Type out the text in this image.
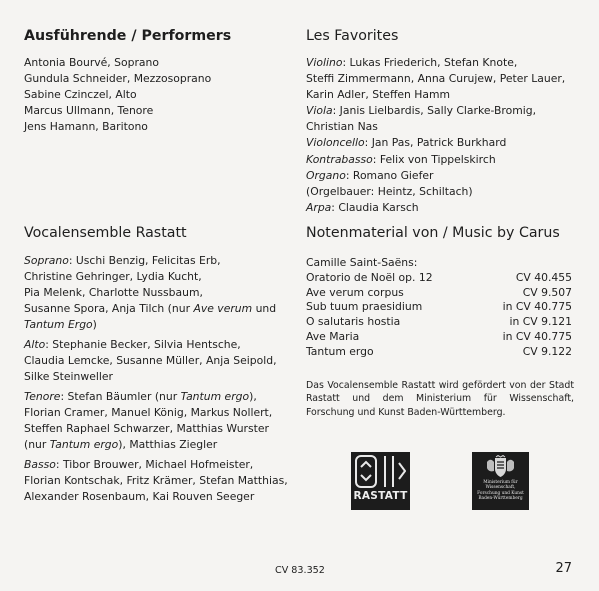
Ausführende / Performers
Antonia Bourvé, Soprano
Gundula Schneider, Mezzosoprano
Sabine Czinczel, Alto
Marcus Ullmann, Tenore
Jens Hamann, Baritono
Vocalensemble Rastatt
Soprano: Uschi Benzig, Felicitas Erb,
Christine Gehringer, Lydia Kucht,
Pia Melenk, Charlotte Nussbaum,
Susanne Spora, Anja Tilch (nur Ave verum und
Tantum Ergo)
Alto: Stephanie Becker, Silvia Hentsche,
Claudia Lemcke, Susanne Müller, Anja Seipold,
Silke Steinweller
Tenore: Stefan Bäumler (nur Tantum ergo),
Florian Cramer, Manuel König, Markus Nollert,
Steffen Raphael Schwarzer, Matthias Wurster
(nur Tantum ergo), Matthias Ziegler
Basso: Tibor Brouwer, Michael Hofmeister,
Florian Kontschak, Fritz Krämer, Stefan Matthias,
Alexander Rosenbaum, Kai Rouven Seeger
Les Favorites
Violino: Lukas Friederich, Stefan Knote,
Steffi Zimmermann, Anna Curujew, Peter Lauer,
Karin Adler, Steffen Hamm
Viola: Janis Lielbardis, Sally Clarke-Bromig,
Christian Nas
Violoncello: Jan Pas, Patrick Burkhard
Kontrabasso: Felix von Tippelskirch
Organo: Romano Giefer
(Orgelbauer: Heintz, Schiltach)
Arpa: Claudia Karsch
Notenmaterial von / Music by Carus
Camille Saint-Saëns:
Oratorio de Noël op. 12	CV 40.455
Ave verum corpus	CV 9.507
Sub tuum praesidium	in CV 40.775
O salutaris hostia	in CV 9.121
Ave Maria	in CV 40.775
Tantum ergo	CV 9.122
Das Vocalensemble Rastatt wird gefördert von der Stadt Rastatt und dem Ministerium für Wissenschaft, Forschung und Kunst Baden-Württemberg.
RASTATT
Ministerium für
Wissenschaft,
Forschung und Kunst
Baden-Württemberg
CV 83.352	27
